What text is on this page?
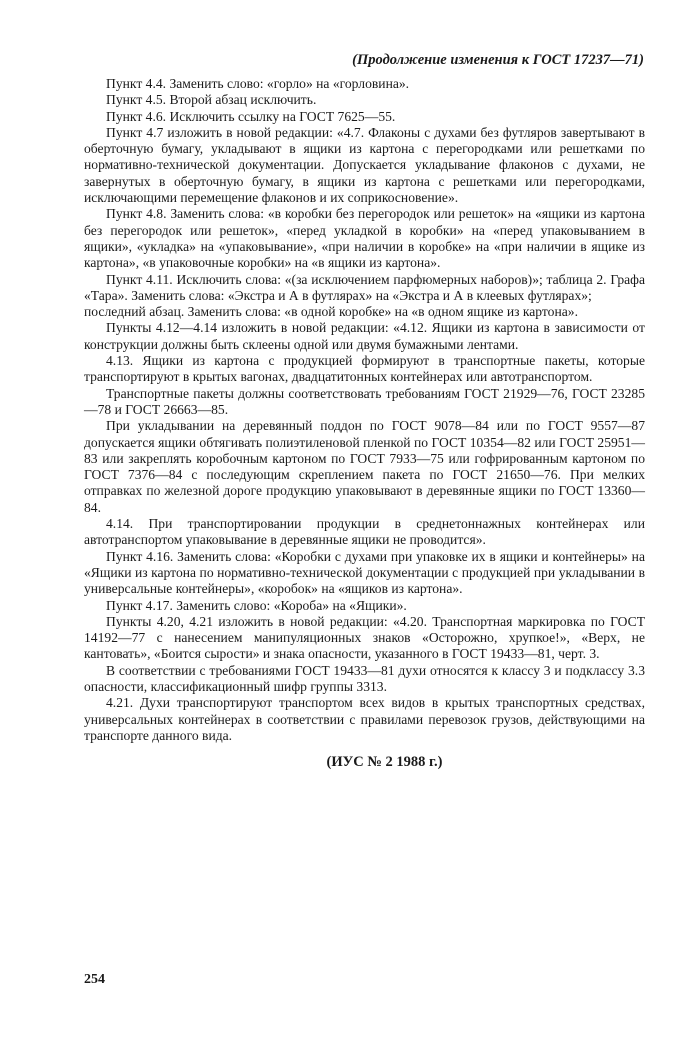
(Продолжение изменения к ГОСТ 17237—71)

Пункт 4.4. Заменить слово: «горло» на «горловина».

Пункт 4.5. Второй абзац исключить.

Пункт 4.6. Исключить ссылку на ГОСТ 7625—55.

Пункт 4.7 изложить в новой редакции: «4.7. Флаконы с духами без футляров завертывают в оберточную бумагу, укладывают в ящики из картона с перегородками или решетками по нормативно-технической документации. Допускается укладывание флаконов с духами, не завернутых в оберточную бумагу, в ящики из картона с решетками или перегородками, исключающими перемещение флаконов и их соприкосновение».

Пункт 4.8. Заменить слова: «в коробки без перегородок или решеток» на «ящики из картона без перегородок или решеток», «перед укладкой в коробки» на «перед упаковыванием в ящики», «укладка» на «упаковывание», «при наличии в коробке» на «при наличии в ящике из картона», «в упаковочные коробки» на «в ящики из картона».

Пункт 4.11. Исключить слова: «(за исключением парфюмерных наборов)»; таблица 2. Графа «Тара». Заменить слова: «Экстра и А в футлярах» на «Экстра и А в клеевых футлярах»;

последний абзац. Заменить слова: «в одной коробке» на «в одном ящике из картона».

Пункты 4.12—4.14 изложить в новой редакции: «4.12. Ящики из картона в зависимости от конструкции должны быть склеены одной или двумя бумажными лентами.

4.13. Ящики из картона с продукцией формируют в транспортные пакеты, которые транспортируют в крытых вагонах, двадцатитонных контейнерах или автотранспортом.

Транспортные пакеты должны соответствовать требованиям ГОСТ 21929—76, ГОСТ 23285—78 и ГОСТ 26663—85.

При укладывании на деревянный поддон по ГОСТ 9078—84 или по ГОСТ 9557—87 допускается ящики обтягивать полиэтиленовой пленкой по ГОСТ 10354—82 или ГОСТ 25951—83 или закреплять коробочным картоном по ГОСТ 7933—75 или гофрированным картоном по ГОСТ 7376—84 с последующим скреплением пакета по ГОСТ 21650—76. При мелких отправках по железной дороге продукцию упаковывают в деревянные ящики по ГОСТ 13360—84.

4.14. При транспортировании продукции в среднетоннажных контейнерах или автотранспортом упаковывание в деревянные ящики не проводится».

Пункт 4.16. Заменить слова: «Коробки с духами при упаковке их в ящики и контейнеры» на «Ящики из картона по нормативно-технической документации с продукцией при укладывании в универсальные контейнеры», «коробок» на «ящиков из картона».

Пункт 4.17. Заменить слово: «Короба» на «Ящики».

Пункты 4.20, 4.21 изложить в новой редакции: «4.20. Транспортная маркировка по ГОСТ 14192—77 с нанесением манипуляционных знаков «Осторожно, хрупкое!», «Верх, не кантовать», «Боится сырости» и знака опасности, указанного в ГОСТ 19433—81, черт. 3.

В соответствии с требованиями ГОСТ 19433—81 духи относятся к классу 3 и подклассу 3.3 опасности, классификационный шифр группы 3313.

4.21. Духи транспортируют транспортом всех видов в крытых транспортных средствах, универсальных контейнерах в соответствии с правилами перевозок грузов, действующими на транспорте данного вида.

(ИУС № 2 1988 г.)
254
